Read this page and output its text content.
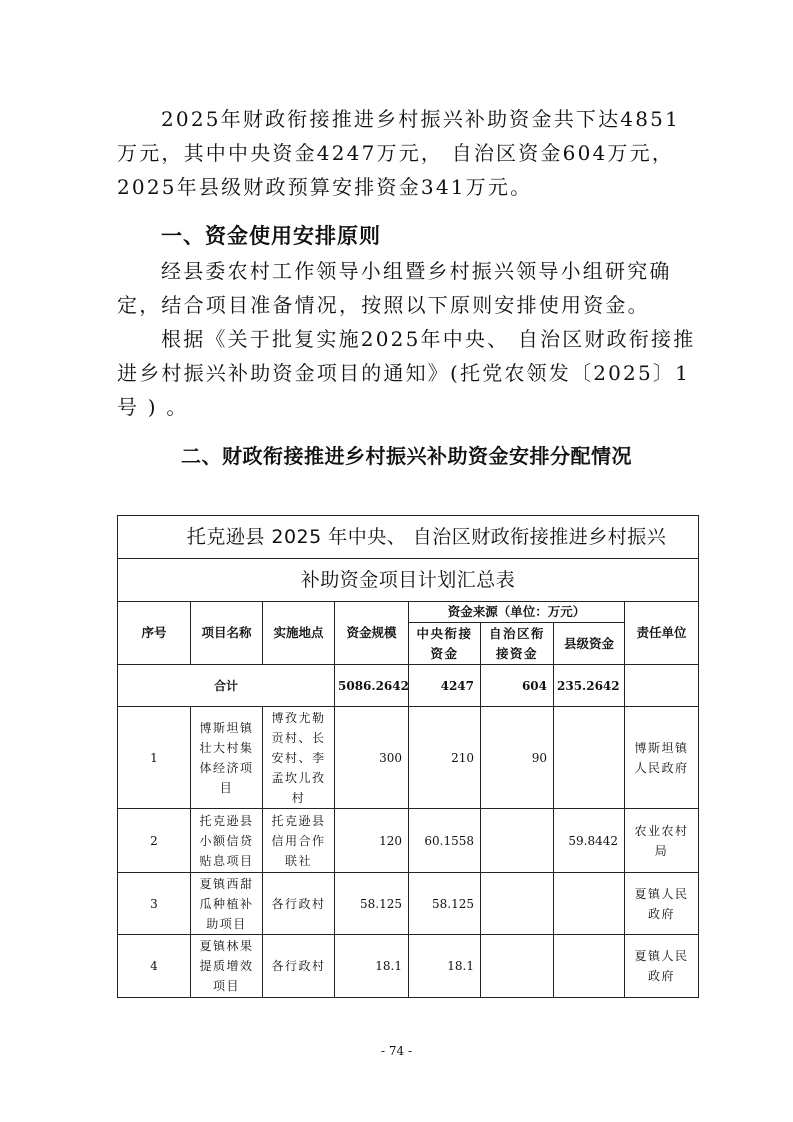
2025年财政衔接推进乡村振兴补助资金共下达4851万元，其中中央资金4247万元， 自治区资金604万元，2025年县级财政预算安排资金341万元。

一、资金使用安排原则

经县委农村工作领导小组暨乡村振兴领导小组研究确定，结合项目准备情况，按照以下原则安排使用资金。

根据《关于批复实施2025年中央、 自治区财政衔接推进乡村振兴补助资金项目的通知》(托党农领发〔2025〕1号 ) 。

二、财政衔接推进乡村振兴补助资金安排分配情况
托克逊县 2025 年中央、 自治区财政衔接推进乡村振兴							
补助资金项目计划汇总表							
序号	项目名称	实施地点	资金规模	资金来源（单位：万元）			责任单位
				中央衔接资金	自治区衔接资金	县级资金	
合计			5086.2642	4247	604	235.2642	
1	博斯坦镇壮大村集体经济项目	博孜尤勒贡村、长安村、李孟坎儿孜村	300	210	90		博斯坦镇人民政府
2	托克逊县小额信贷贴息项目	托克逊县信用合作联社	120	60.1558		59.8442	农业农村局
3	夏镇西甜瓜种植补助项目	各行政村	58.125	58.125			夏镇人民政府
4	夏镇林果提质增效项目	各行政村	18.1	18.1			夏镇人民政府
- 74 -
